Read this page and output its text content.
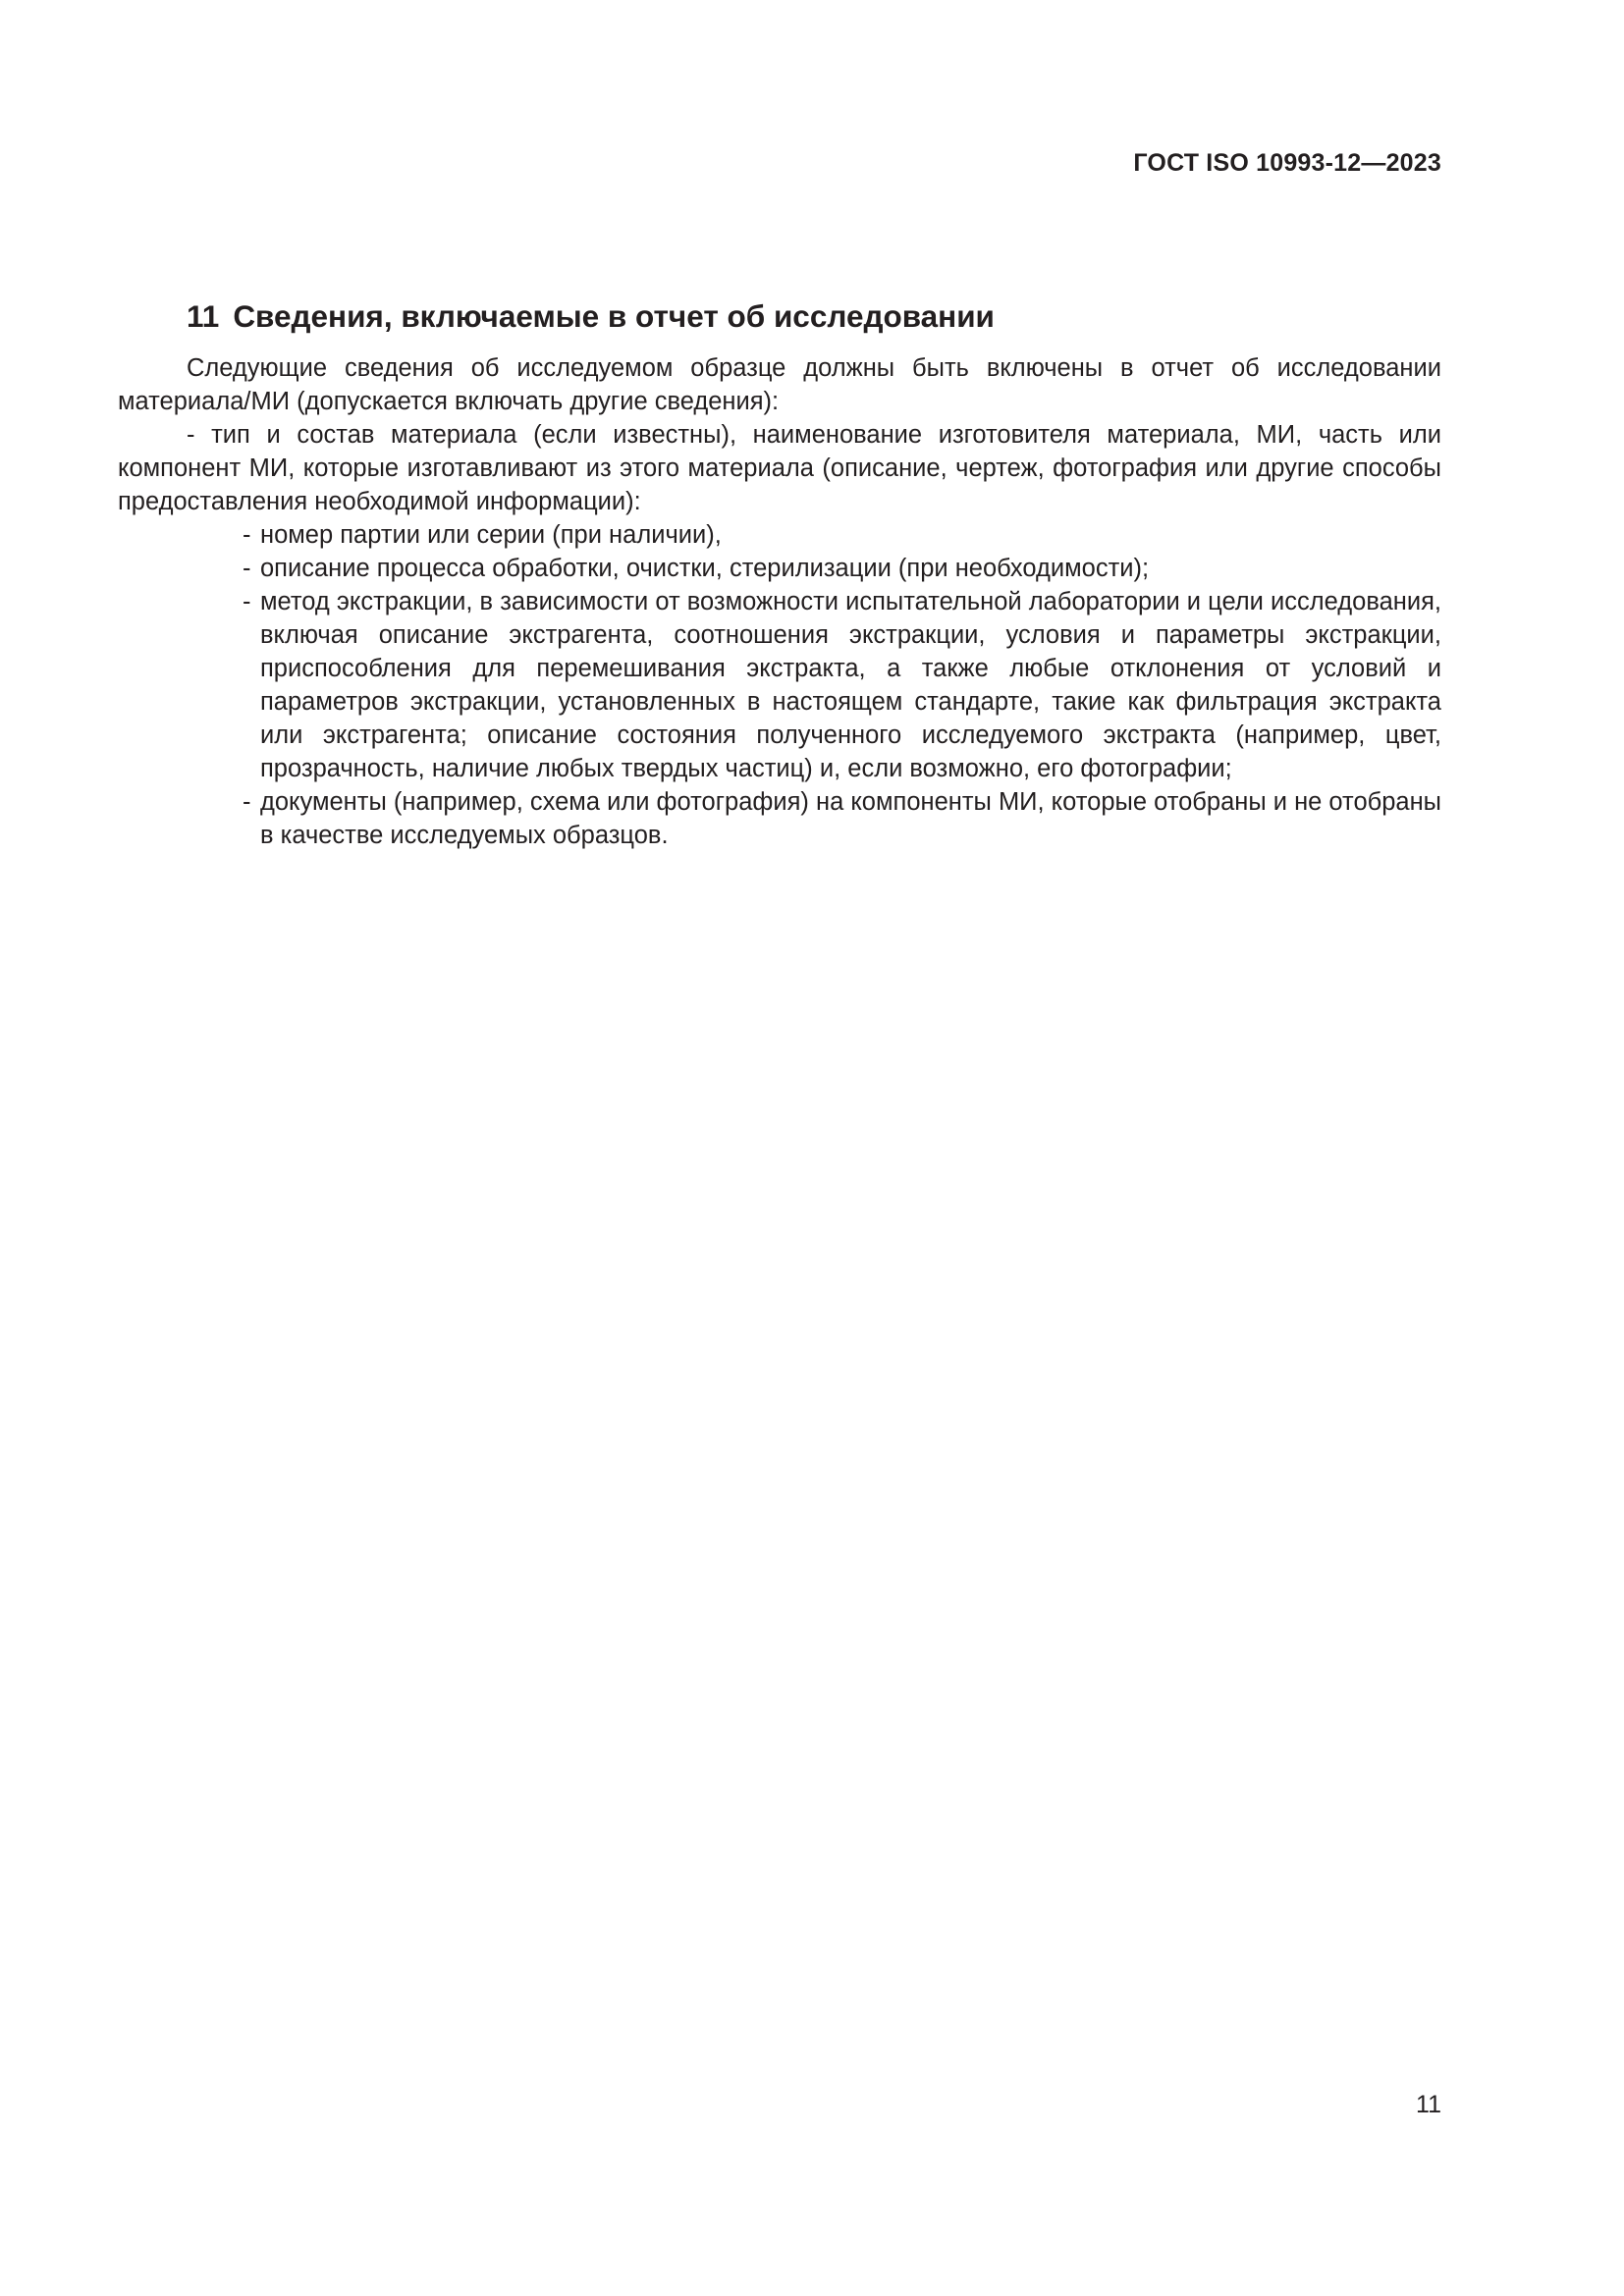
ГОСТ ISO 10993-12—2023
11 Сведения, включаемые в отчет об исследовании

Следующие сведения об исследуемом образце должны быть включены в отчет об исследовании материала/МИ (допускается включать другие сведения):

- тип и состав материала (если известны), наименование изготовителя материала, МИ, часть или компонент МИ, которые изготавливают из этого материала (описание, чертеж, фотография или другие способы предоставления необходимой информации):

- номер партии или серии (при наличии),
- описание процесса обработки, очистки, стерилизации (при необходимости);
- метод экстракции, в зависимости от возможности испытательной лаборатории и цели исследования, включая описание экстрагента, соотношения экстракции, условия и параметры экстракции, приспособления для перемешивания экстракта, а также любые отклонения от условий и параметров экстракции, установленных в настоящем стандарте, такие как фильтрация экстракта или экстрагента; описание состояния полученного исследуемого экстракта (например, цвет, прозрачность, наличие любых твердых частиц) и, если возможно, его фотографии;
- документы (например, схема или фотография) на компоненты МИ, которые отобраны и не отобраны в качестве исследуемых образцов.
11
